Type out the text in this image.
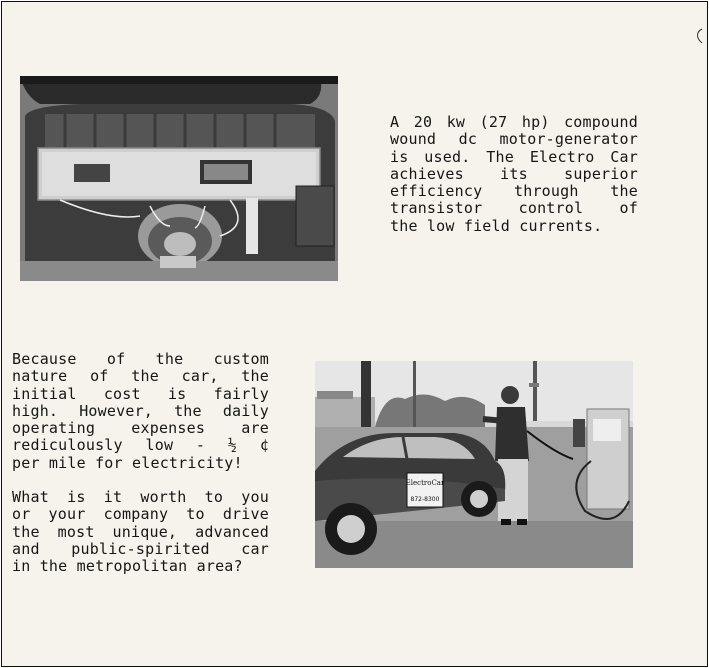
A 20 kw (27 hp) compound
wound dc motor-generator
is used. The Electro Car
achieves its superior
efficiency through the
transistor control of
the low field currents.
Because of the custom
nature of the car, the
initial cost is fairly
high. However, the daily
operating expenses are
rediculously low - ½ ¢
per mile for electricity!
What is it worth to you
or your company to drive
the most unique, advanced
and public-spirited car
in the metropolitan area?
ElectroCar
872-8300
